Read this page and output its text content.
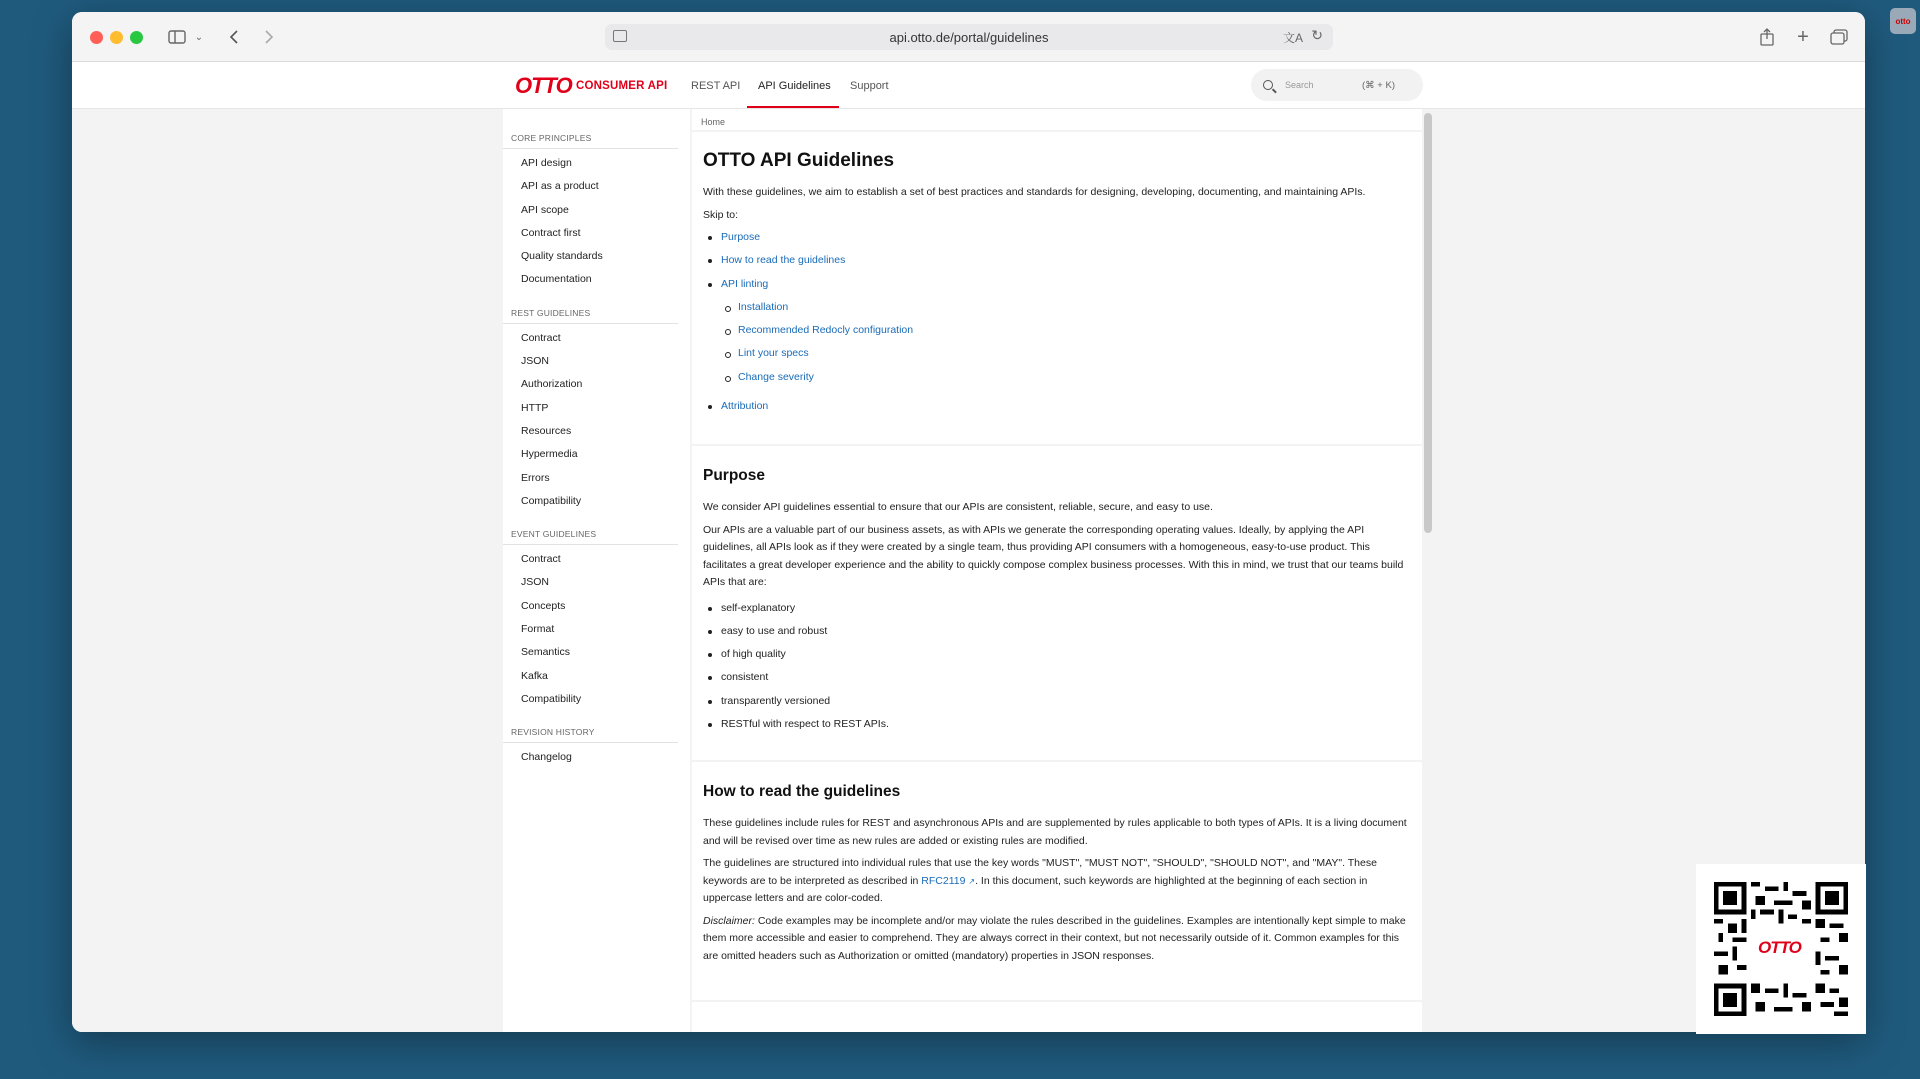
⌄	api.otto.de/portal/guidelines	文A ↻	+
OTTO CONSUMER API REST API API Guidelines Support	Search	(⌘ + K)
CORE PRINCIPLES
API design
API as a product
API scope
Contract first
Quality standards
Documentation
REST GUIDELINES
Contract
JSON
Authorization
HTTP
Resources
Hypermedia
Errors
Compatibility
EVENT GUIDELINES
Contract
JSON
Concepts
Format
Semantics
Kafka
Compatibility
REVISION HISTORY
Changelog
Home
OTTO API Guidelines

With these guidelines, we aim to establish a set of best practices and standards for designing, developing, documenting, and maintaining APIs.

Skip to:

Purpose
How to read the guidelines
API linting
Installation
Recommended Redocly configuration
Lint your specs
Change severity
Attribution
Purpose

We consider API guidelines essential to ensure that our APIs are consistent, reliable, secure, and easy to use.

Our APIs are a valuable part of our business assets, as with APIs we generate the corresponding operating values. Ideally, by applying the API guidelines, all APIs look as if they were created by a single team, thus providing API consumers with a homogeneous, easy-to-use product. This facilitates a great developer experience and the ability to quickly compose complex business processes. With this in mind, we trust that our teams build APIs that are:

self-explanatory
easy to use and robust
of high quality
consistent
transparently versioned
RESTful with respect to REST APIs.
How to read the guidelines

These guidelines include rules for REST and asynchronous APIs and are supplemented by rules applicable to both types of APIs. It is a living document and will be revised over time as new rules are added or existing rules are modified.

The guidelines are structured into individual rules that use the key words "MUST", "MUST NOT", "SHOULD", "SHOULD NOT", and "MAY". These keywords are to be interpreted as described in RFC2119 ↗. In this document, such keywords are highlighted at the beginning of each section in uppercase letters and are color-coded.

Disclaimer: Code examples may be incomplete and/or may violate the rules described in the guidelines. Examples are intentionally kept simple to make them more accessible and easier to comprehend. They are always correct in their context, but not necessarily outside of it. Common examples for this are omitted headers such as Authorization or omitted (mandatory) properties in JSON responses.

otto
OTTO
